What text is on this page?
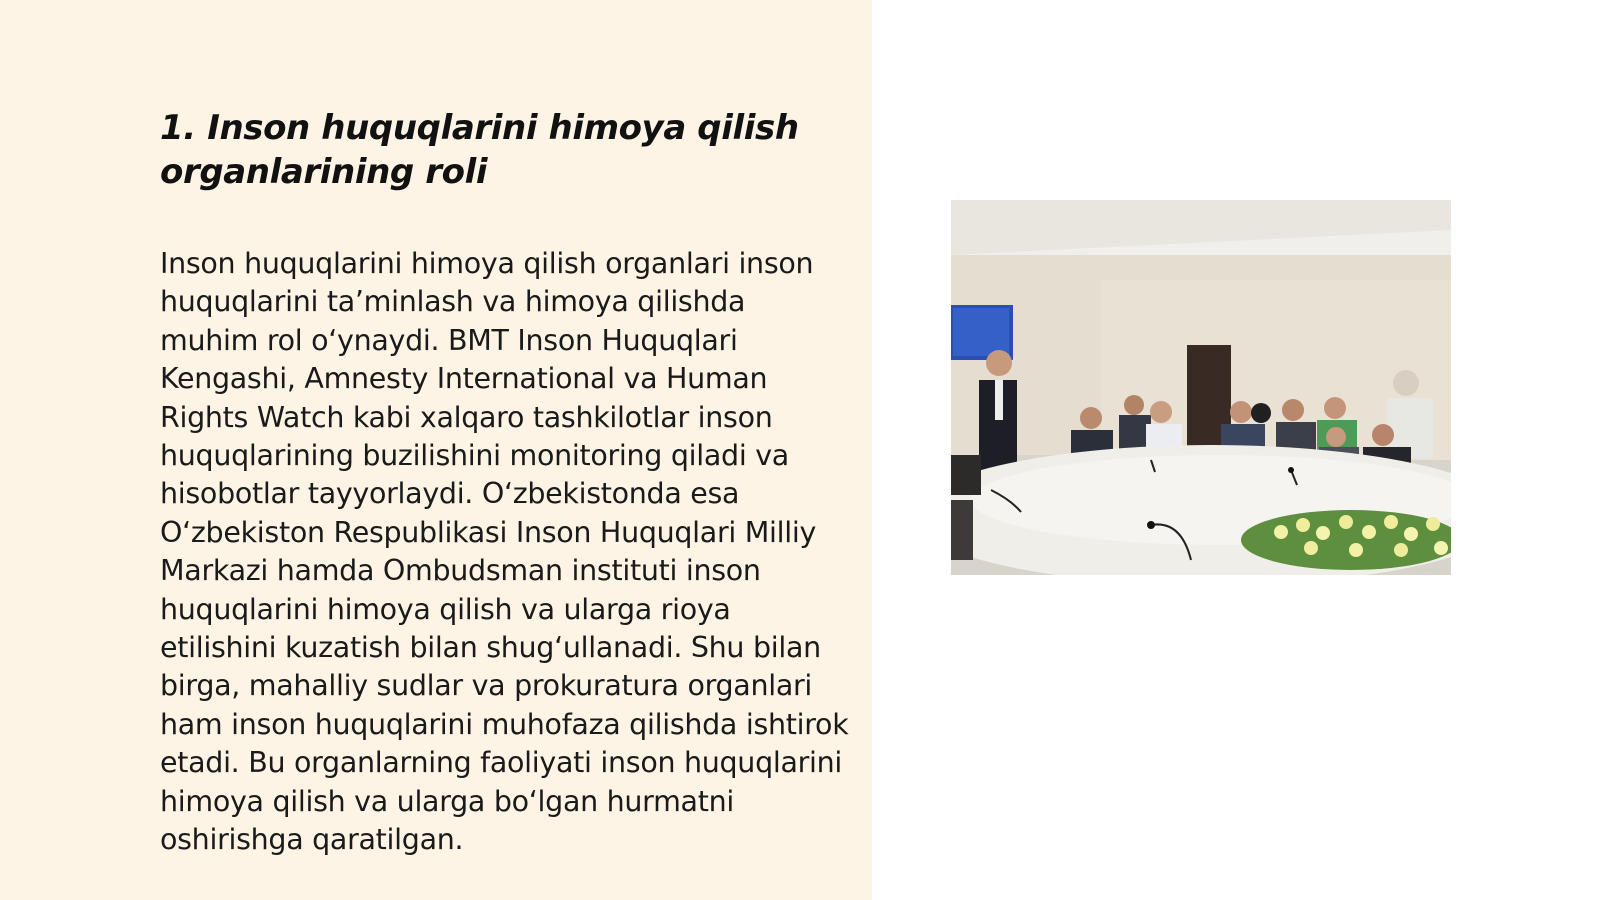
1. Inson huquqlarini himoya qilish organlarining roli

Inson huquqlarini himoya qilish organlari inson huquqlarini ta’minlash va himoya qilishda muhim rol o‘ynaydi. BMT Inson Huquqlari Kengashi, Amnesty International va Human Rights Watch kabi xalqaro tashkilotlar inson huquqlarining buzilishini monitoring qiladi va hisobotlar tayyorlaydi. O‘zbekistonda esa O‘zbekiston Respublikasi Inson Huquqlari Milliy Markazi hamda Ombudsman instituti inson huquqlarini himoya qilish va ularga rioya etilishini kuzatish bilan shug‘ullanadi. Shu bilan birga, mahalliy sudlar va prokuratura organlari ham inson huquqlarini muhofaza qilishda ishtirok etadi. Bu organlarning faoliyati inson huquqlarini himoya qilish va ularga bo‘lgan hurmatni oshirishga qaratilgan.
